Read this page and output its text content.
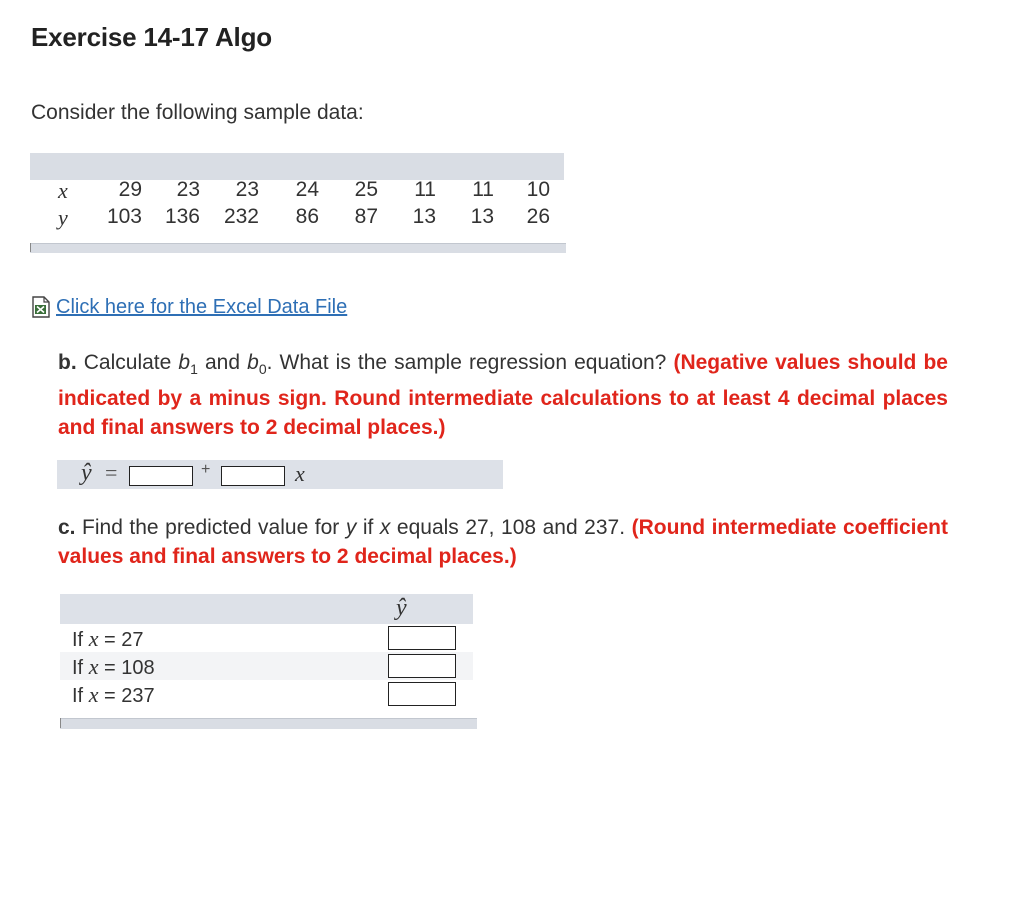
Exercise 14-17 Algo
Consider the following sample data:
x 29 23 23 24 25 11 11 10
y 103 136 232 86 87 13 13 26
Click here for the Excel Data File
b. Calculate $b_1$ and $b_0$. What is the sample regression equation? (Negative values should be indicated by a minus sign. Round intermediate calculations to at least 4 decimal places and final answers to 2 decimal places.)
ŷ =	+	x
c. Find the predicted value for y if x equals 27, 108 and 237. (Round intermediate coefficient values and final answers to 2 decimal places.)
ŷ
If x = 27
If x = 108
If x = 237
